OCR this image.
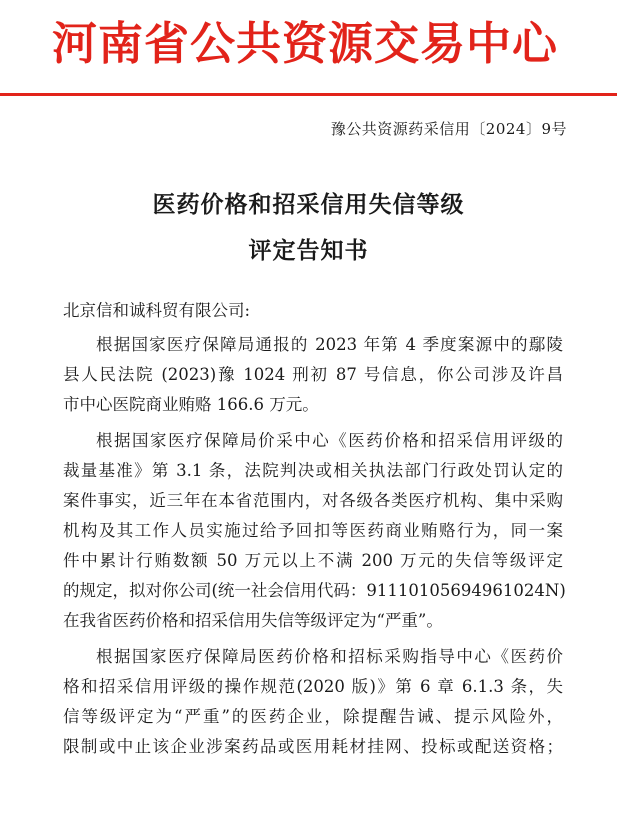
河南省公共资源交易中心
豫公共资源药采信用〔2024〕9号
医药价格和招采信用失信等级
评定告知书
北京信和诚科贸有限公司:
根据国家医疗保障局通报的 2023 年第 4 季度案源中的鄢陵
县人民法院 (2023)豫 1024 刑初 87 号信息，你公司涉及许昌
市中心医院商业贿赂 166.6 万元。
根据国家医疗保障局价采中心《医药价格和招采信用评级的
裁量基准》第 3.1 条，法院判决或相关执法部门行政处罚认定的
案件事实，近三年在本省范围内，对各级各类医疗机构、集中采购
机构及其工作人员实施过给予回扣等医药商业贿赂行为，同一案
件中累计行贿数额 50 万元以上不满 200 万元的失信等级评定
的规定，拟对你公司(统一社会信用代码：91110105694961024N)
在我省医药价格和招采信用失信等级评定为“严重”。
根据国家医疗保障局医药价格和招标采购指导中心《医药价
格和招采信用评级的操作规范(2020 版)》第 6 章 6.1.3 条，失
信等级评定为“严重”的医药企业，除提醒告诫、提示风险外，
限制或中止该企业涉案药品或医用耗材挂网、投标或配送资格；
